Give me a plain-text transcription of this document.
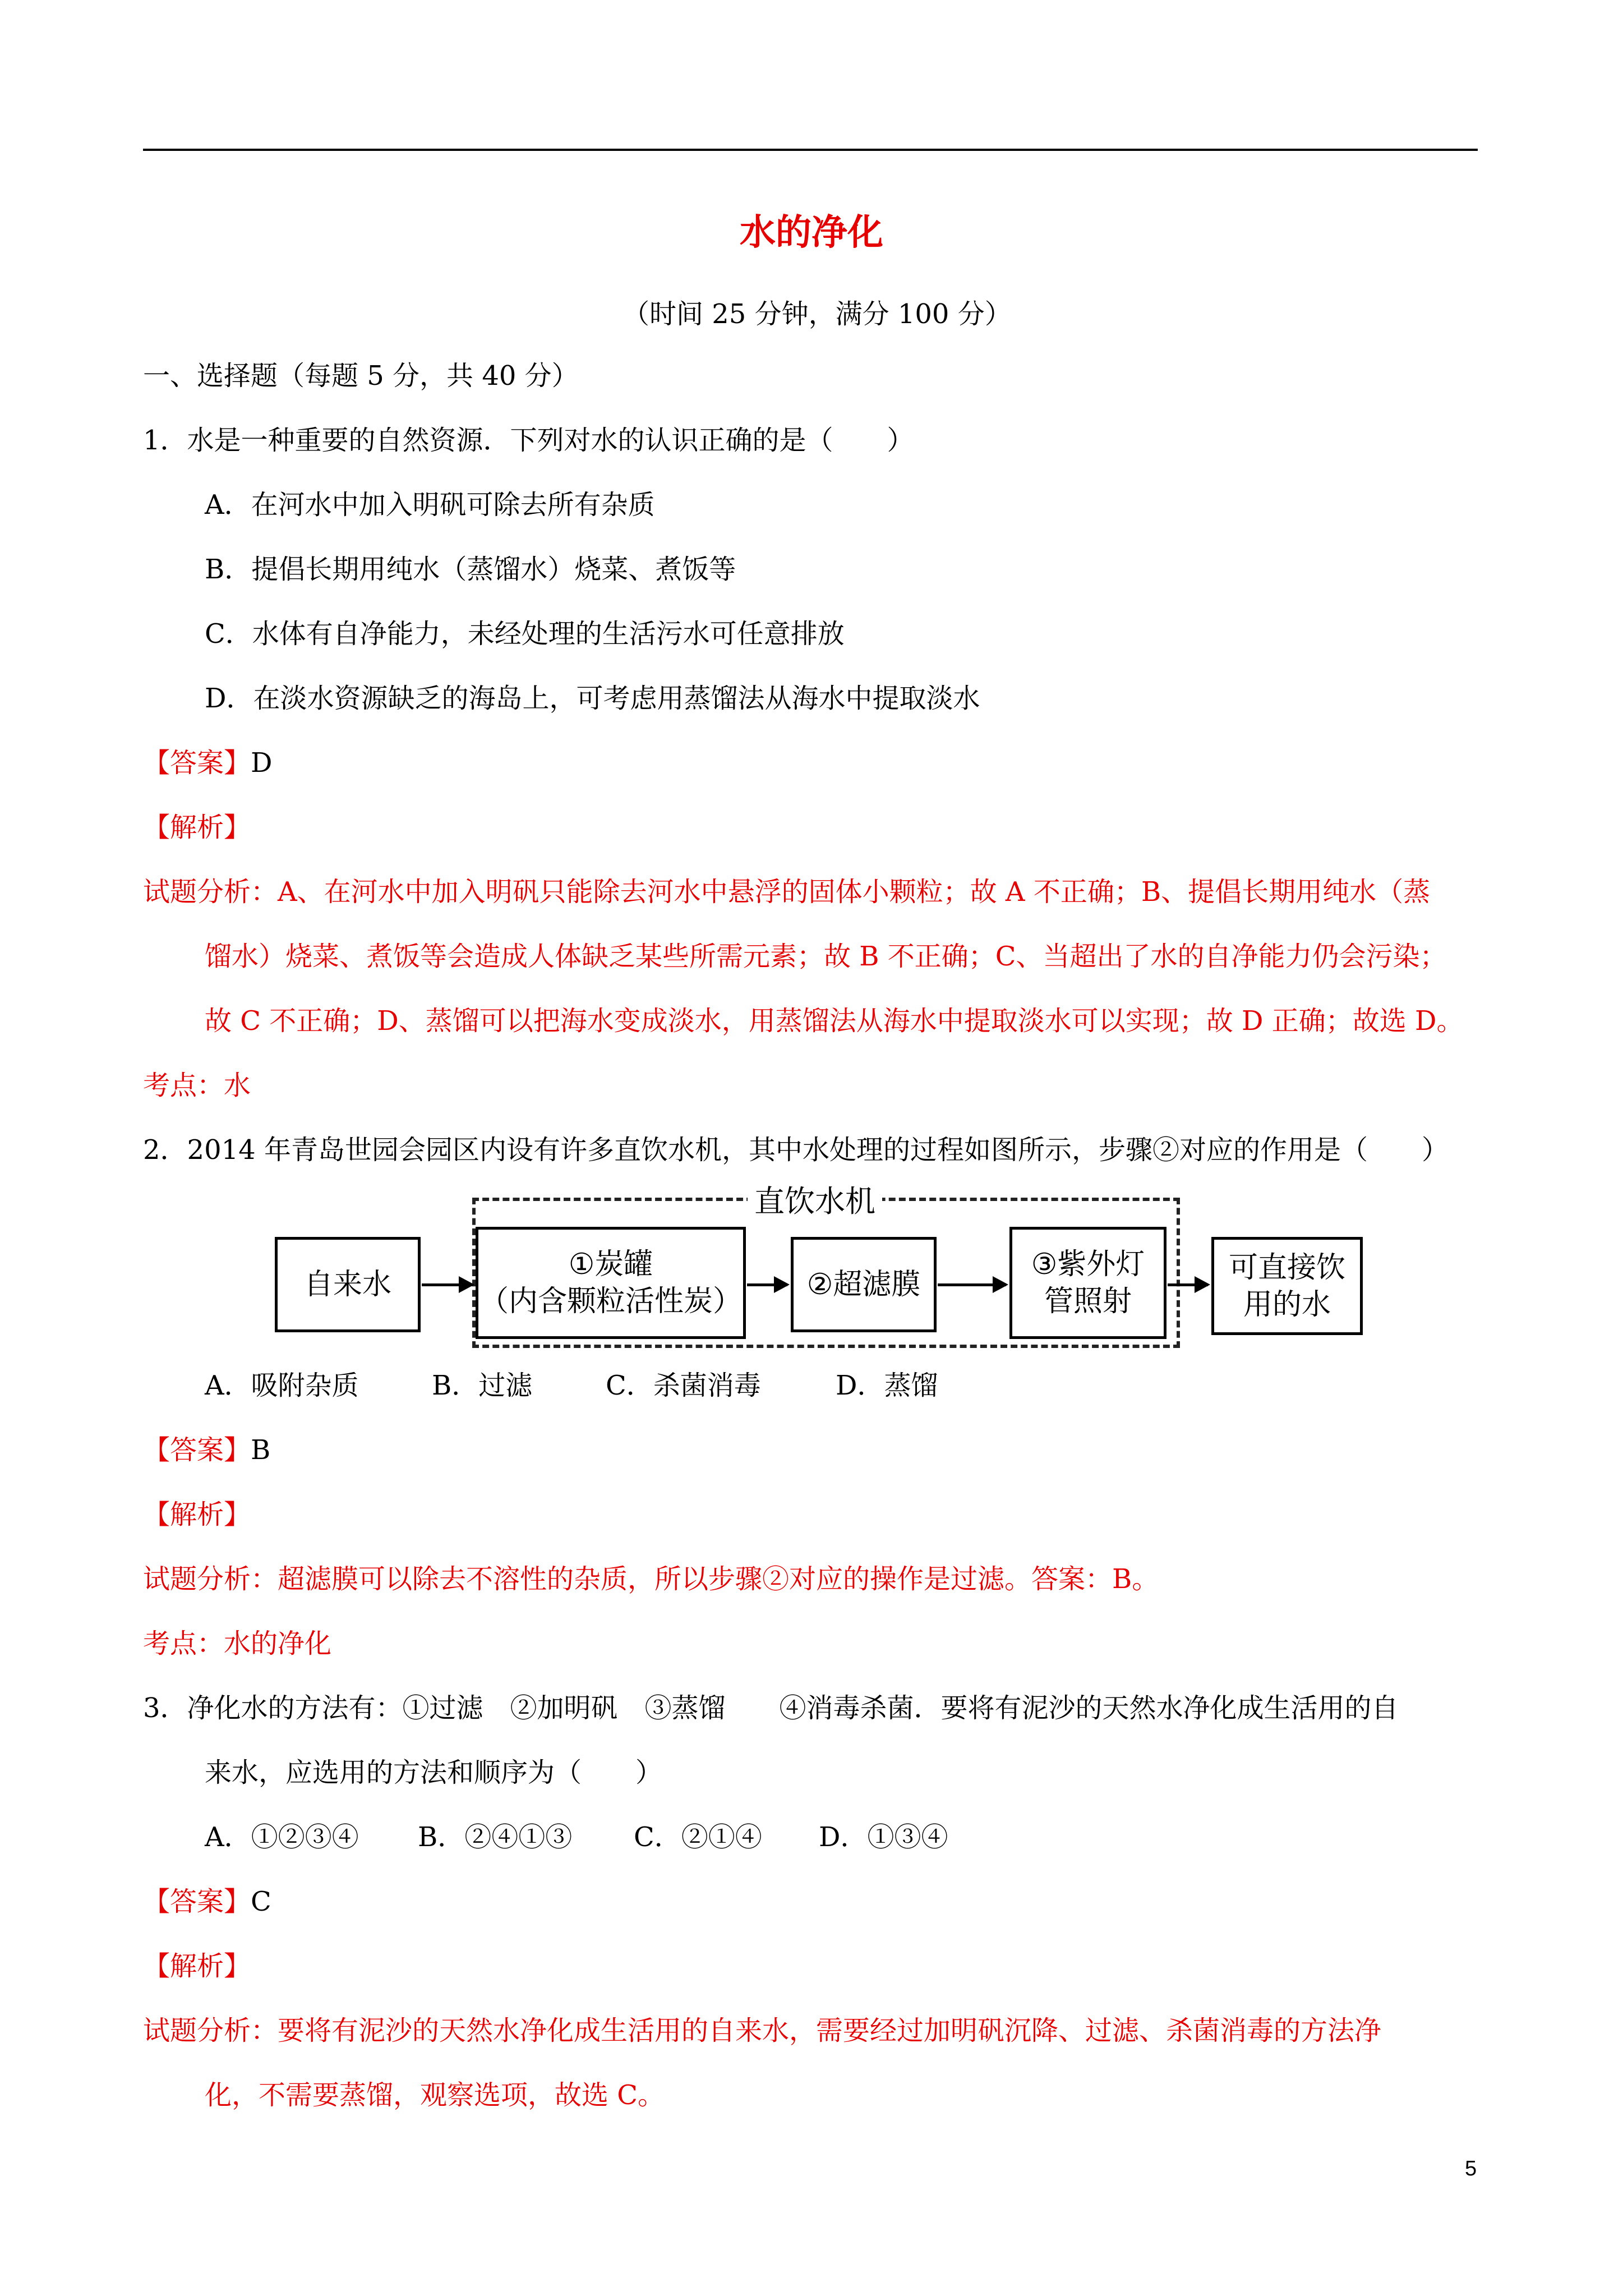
水的净化
（时间 25 分钟，满分 100 分）
一、选择题（每题 5 分，共 40 分）
1．水是一种重要的自然资源．下列对水的认识正确的是（　　）
A．在河水中加入明矾可除去所有杂质
B．提倡长期用纯水（蒸馏水）烧菜、煮饭等
C．水体有自净能力，未经处理的生活污水可任意排放
D．在淡水资源缺乏的海岛上，可考虑用蒸馏法从海水中提取淡水
【答案】D
【解析】
试题分析：A、在河水中加入明矾只能除去河水中悬浮的固体小颗粒；故 A 不正确；B、提倡长期用纯水（蒸
馏水）烧菜、煮饭等会造成人体缺乏某些所需元素；故 B 不正确；C、当超出了水的自净能力仍会污染；
故 C 不正确；D、蒸馏可以把海水变成淡水，用蒸馏法从海水中提取淡水可以实现；故 D 正确；故选 D。
考点：水
2．2014 年青岛世园会园区内设有许多直饮水机，其中水处理的过程如图所示，步骤②对应的作用是（　　）
直饮水机
自来水
①炭罐
（内含颗粒活性炭）	②超滤膜
③紫外灯
管照射
可直接饮
用的水
A．吸附杂质	B．过滤	C．杀菌消毒	D．蒸馏
【答案】B
【解析】
试题分析：超滤膜可以除去不溶性的杂质，所以步骤②对应的操作是过滤。答案：B。
考点：水的净化
3．净化水的方法有：①过滤　②加明矾　③蒸馏　　④消毒杀菌．要将有泥沙的天然水净化成生活用的自
来水，应选用的方法和顺序为（　　）
A．①②③④ B．②④①③ C．②①④ D．①③④
【答案】C
【解析】
试题分析：要将有泥沙的天然水净化成生活用的自来水，需要经过加明矾沉降、过滤、杀菌消毒的方法净
化，不需要蒸馏，观察选项，故选 C。
5
